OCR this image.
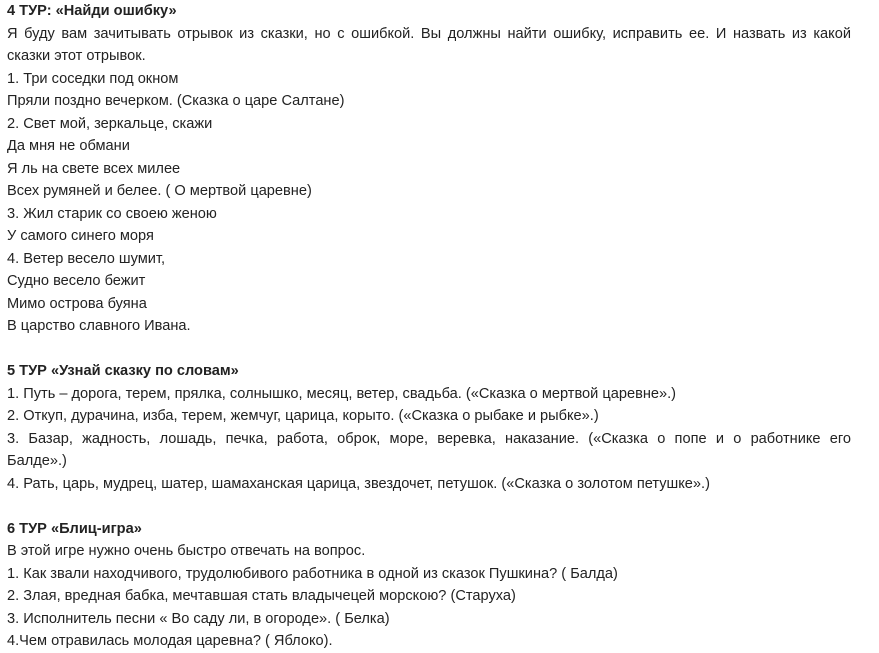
4 ТУР: «Найди ошибку»
Я буду вам зачитывать отрывок из сказки, но с ошибкой. Вы должны найти ошибку, исправить ее. И назвать из какой
сказки этот отрывок.
1. Три соседки под окном
Пряли поздно вечерком. (Сказка о царе Салтане)
2. Свет мой, зеркальце, скажи
Да мня не обмани
Я ль на свете всех милее
Всех румяней и белее. ( О мертвой царевне)
3. Жил старик со своею женою
У самого синего моря
4. Ветер весело шумит,
Судно весело бежит
Мимо острова буяна
В царство славного Ивана.
5 ТУР «Узнай сказку по словам»
1. Путь – дорога, терем, прялка, солнышко, месяц, ветер, свадьба. («Сказка о мертвой царевне».)
2. Откуп, дурачина, изба, терем, жемчуг, царица, корыто. («Сказка о рыбаке и рыбке».)
3. Базар, жадность, лошадь, печка, работа, оброк, море, веревка, наказание. («Сказка о попе и о работнике его
Балде».)
4. Рать, царь, мудрец, шатер, шамаханская царица, звездочет, петушок. («Сказка о золотом петушке».)
6 ТУР «Блиц-игра»
В этой игре нужно очень быстро отвечать на вопрос.
1. Как звали находчивого, трудолюбивого работника в одной из сказок Пушкина? ( Балда)
2. Злая, вредная бабка, мечтавшая стать владычецей морскою? (Старуха)
3. Исполнитель песни « Во саду ли, в огороде». ( Белка)
4.Чем отравилась молодая царевна? ( Яблоко).
